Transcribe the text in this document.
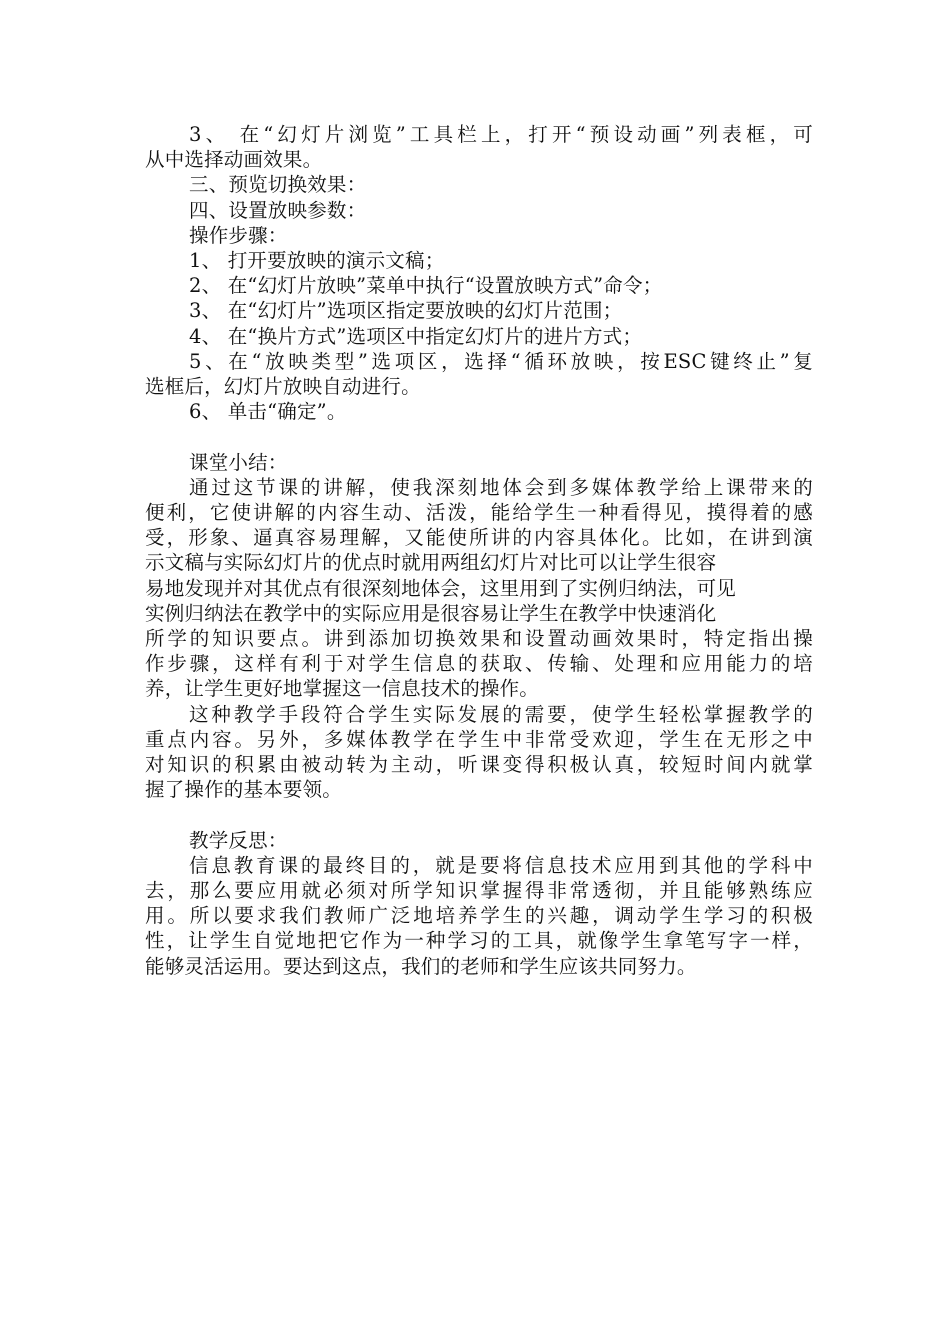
3、 在“幻灯片浏览”工具栏上，打开“预设动画”列表框，可
从中选择动画效果。
三、预览切换效果：
四、设置放映参数：
操作步骤：
1、 打开要放映的演示文稿；
2、 在“幻灯片放映”菜单中执行“设置放映方式”命令；
3、 在“幻灯片”选项区指定要放映的幻灯片范围；
4、 在“换片方式”选项区中指定幻灯片的进片方式；
5、在“放映类型”选项区，选择“循环放映，按ESC键终止”复
选框后，幻灯片放映自动进行。
6、 单击“确定”。
课堂小结：
通过这节课的讲解，使我深刻地体会到多媒体教学给上课带来的
便利，它使讲解的内容生动、活泼，能给学生一种看得见，摸得着的感
受，形象、逼真容易理解，又能使所讲的内容具体化。比如，在讲到演
示文稿与实际幻灯片的优点时就用两组幻灯片对比可以让学生很容
易地发现并对其优点有很深刻地体会，这里用到了实例归纳法，可见
实例归纳法在教学中的实际应用是很容易让学生在教学中快速消化
所学的知识要点。讲到添加切换效果和设置动画效果时，特定指出操
作步骤，这样有利于对学生信息的获取、传输、处理和应用能力的培
养，让学生更好地掌握这一信息技术的操作。
这种教学手段符合学生实际发展的需要，使学生轻松掌握教学的
重点内容。另外，多媒体教学在学生中非常受欢迎，学生在无形之中
对知识的积累由被动转为主动，听课变得积极认真，较短时间内就掌
握了操作的基本要领。
教学反思：
信息教育课的最终目的，就是要将信息技术应用到其他的学科中
去，那么要应用就必须对所学知识掌握得非常透彻，并且能够熟练应
用。所以要求我们教师广泛地培养学生的兴趣，调动学生学习的积极
性，让学生自觉地把它作为一种学习的工具，就像学生拿笔写字一样，
能够灵活运用。要达到这点，我们的老师和学生应该共同努力。
